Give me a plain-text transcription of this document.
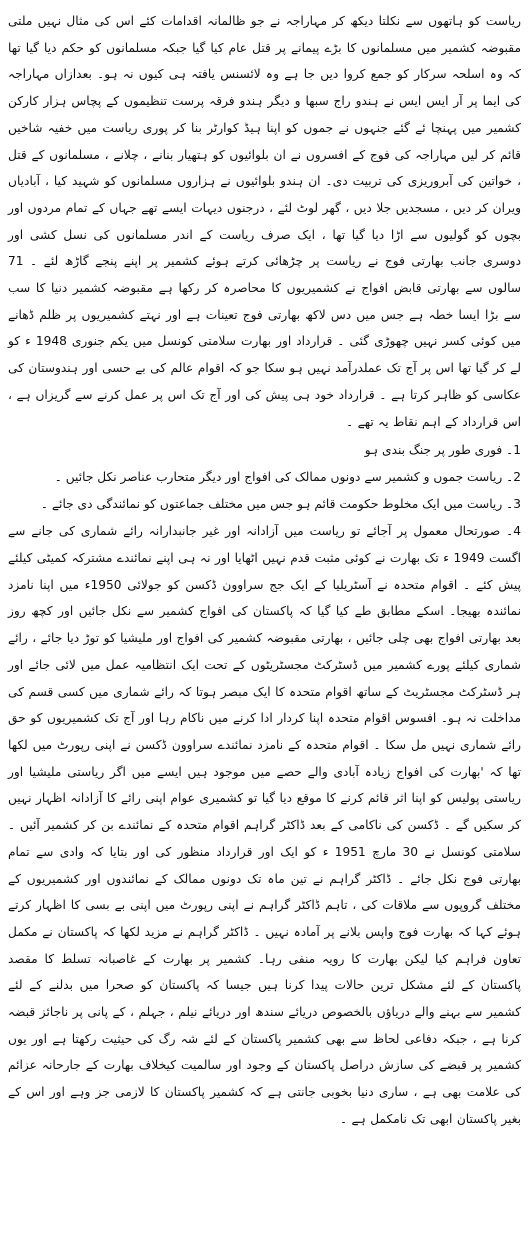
ریاست کو ہاتھوں سے نکلتا دیکھ کر مہاراجہ نے جو ظالمانہ اقدامات کئے اس کی مثال نہیں ملتی مقبوضہ کشمیر میں مسلمانوں کا بڑے پیمانے پر قتل عام کیا گیا جبکہ مسلمانوں کو حکم دیا گیا تھا کہ وہ اسلحہ سرکار کو جمع کروا دیں جا ہے وہ لائسنس یافتہ ہی کیوں نہ ہو۔ بعدازاں مہاراجہ کی ایما پر آر ایس ایس نے ہندو راج سبھا و دیگر ہندو فرقہ پرست تنظیموں کے پچاس ہزار کارکن کشمیر میں پہنچا ئے گئے جنہوں نے جموں کو اپنا ہیڈ کوارٹر بنا کر پوری ریاست میں خفیہ شاخیں قائم کر لیں مہاراجہ کی فوج کے افسروں نے ان بلوائیوں کو ہتھیار بنانے ، چلانے ، مسلمانوں کے قتل ، خواتین کی آبروریزی کی تربیت دی۔ ان ہندو بلوائیوں نے ہزاروں مسلمانوں کو شہید کیا ، آبادیاں ویران کر دیں ، مسجدیں جلا دیں ، گھر لوٹ لئے ، درجنوں دیہات ایسے تھے جہاں کے تمام مردوں اور بچوں کو گولیوں سے اڑا دیا گیا تھا ، ایک صرف ریاست کے اندر مسلمانوں کی نسل کشی اور دوسری جانب بھارتی فوج نے ریاست پر چڑھائی کرتے ہوئے کشمیر پر اپنے پنجے گاڑھ لئے ۔ 71 سالوں سے بھارتی قابض افواج نے کشمیریوں کا محاصرہ کر رکھا ہے مقبوضہ کشمیر دنیا کا سب سے بڑا ایسا خطہ ہے جس میں دس لاکھ بھارتی فوج تعینات ہے اور نہتے کشمیریوں پر ظلم ڈھانے میں کوئی کسر نہیں چھوڑی گئی ۔ قرارداد اور بھارت سلامتی کونسل میں یکم جنوری 1948 ء کو لے کر گیا تھا اس پر آج تک عملدرآمد نہیں ہو سکا جو کہ اقوام عالم کی بے حسی اور ہندوستان کی عکاسی کو ظاہر کرتا ہے ۔ قرارداد خود ہی پیش کی اور آج تک اس پر عمل کرنے سے گریزاں ہے ، اس قرارداد کے اہم نقاط یہ تھے ۔

1۔ فوری طور پر جنگ بندی ہو

2۔ ریاست جموں و کشمیر سے دونوں ممالک کی افواج اور دیگر متحارب عناصر نکل جائیں ۔

3۔ ریاست میں ایک مخلوط حکومت قائم ہو جس میں مختلف جماعتوں کو نمائندگی دی جائے ۔

4۔ صورتحال معمول پر آجائے تو ریاست میں آزادانہ اور غیر جانبدارانہ رائے شماری کی جانے سے اگست 1949 ء تک بھارت نے کوئی مثبت قدم نہیں اٹھایا اور نہ ہی اپنے نمائندے مشترکہ کمیٹی کیلئے پیش کئے ۔ اقوام متحدہ نے آسٹریلیا کے ایک جج سراوون ڈکسن کو جولائی 1950ء میں اپنا نامزد نمائندہ بھیجا۔ اسکے مطابق طے کیا گیا کہ پاکستان کی افواج کشمیر سے نکل جائیں اور کچھ روز بعد بھارتی افواج بھی چلی جائیں ، بھارتی مقبوضہ کشمیر کی افواج اور ملیشیا کو توڑ دیا جائے ، رائے شماری کیلئے پورے کشمیر میں ڈسٹرکٹ مجسٹریٹوں کے تحت ایک انتظامیہ عمل میں لائی جائے اور ہر ڈسٹرکٹ مجسٹریٹ کے ساتھ اقوام متحدہ کا ایک مبصر ہوتا کہ رائے شماری میں کسی قسم کی مداخلت نہ ہو۔ افسوس اقوام متحدہ اپنا کردار ادا کرنے میں ناکام رہا اور آج تک کشمیریوں کو حق رائے شماری نہیں مل سکا ۔ اقوام متحدہ کے نامزد نمائندے سراوون ڈکسن نے اپنی رپورٹ میں لکھا تھا کہ 'بھارت کی افواج زیادہ آبادی والے حصے میں موجود ہیں ایسے میں اگر ریاستی ملیشیا اور ریاستی پولیس کو اپنا اثر قائم کرنے کا موقع دیا گیا تو کشمیری عوام اپنی رائے کا آزادانہ اظہار نہیں کر سکیں گے ۔ ڈکسن کی ناکامی کے بعد ڈاکٹر گراہم اقوام متحدہ کے نمائندے بن کر کشمیر آئیں ۔ سلامتی کونسل نے 30 مارچ 1951 ء کو ایک اور قرارداد منظور کی اور بتایا کہ وادی سے تمام بھارتی فوج نکل جائے ۔ ڈاکٹر گراہم نے تین ماہ تک دونوں ممالک کے نمائندوں اور کشمیریوں کے مختلف گروپوں سے ملاقات کی ، تاہم ڈاکٹر گراہم نے اپنی رپورٹ میں اپنی بے بسی کا اظہار کرتے ہوئے کہا کہ بھارت فوج واپس بلانے پر آمادہ نہیں ۔ ڈاکٹر گراہم نے مزید لکھا کہ پاکستان نے مکمل تعاون فراہم کیا لیکن بھارت کا رویہ منفی رہا۔ کشمیر پر بھارت کے غاصبانہ تسلط کا مقصد پاکستان کے لئے مشکل ترین حالات پیدا کرنا ہیں جیسا کہ پاکستان کو صحرا میں بدلنے کے لئے کشمیر سے بہنے والے دریاؤں بالخصوص دریائے سندھ اور دریائے نیلم ، جہلم ، کے پانی پر ناجائز قبضہ کرنا ہے ، جبکہ دفاعی لحاظ سے بھی کشمیر پاکستان کے لئے شہ رگ کی حیثیت رکھتا ہے اور یوں کشمیر پر قبضے کی سازش دراصل پاکستان کے وجود اور سالمیت کیخلاف بھارت کے جارحانہ عزائم کی علامت بھی ہے ، ساری دنیا بخوبی جانتی ہے کہ کشمیر پاکستان کا لازمی جز وہے اور اس کے بغیر پاکستان ابھی تک نامکمل ہے ۔
